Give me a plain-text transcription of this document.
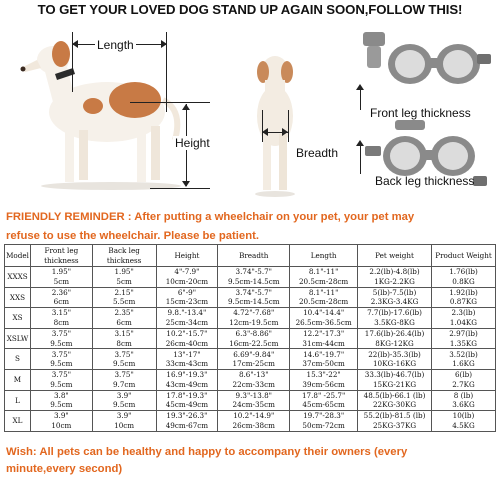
TO GET YOUR LOVED DOG STAND UP AGAIN SOON,FOLLOW THIS!
Length
Height
Breadth
Front leg thickness
Back leg thickness
FRIENDLY REMINDER : After putting a wheelchair on your pet, your pet may
refuse to use the wheelchair. Please be patient.
Model	Front leg
thickness	Back leg
thickness	Height	Breadth	Length	Pet weight	Product Weight

XXXS	1.95"
5cm	1.95"
5cm	4"-7.9"
10cm-20cm	3.74"-5.7"
9.5cm-14.5cm	8.1"-11"
20.5cm-28cm	2.2(lb)-4.8(lb)
1KG-2.2KG	1.76(lb)
0.8KG

XXS	2.36"
6cm	2.15"
5.5cm	6"-9"
15cm-23cm	3.74"-5.7"
9.5cm-14.5cm	8.1"-11"
20.5cm-28cm	5(lb)-7.5(lb)
2.3KG-3.4KG	1.92(lb)
0.87KG

XS	3.15"
8cm	2.35"
6cm	9.8."-13.4"
25cm-34cm	4.72"-7.68"
12cm-19.5cm	10.4"-14.4"
26.5cm-36.5cm	7.7(lb)-17.6(lb)
3.5KG-8KG	2.3(lb)
1.04KG

XSLW	3.75"
9.5cm	3.15"
8cm	10.2"-15.7"
26cm-40cm	6.3"-8.86"
16cm-22.5cm	12.2"-17.3"
31cm-44cm	17.6(lb)-26.4(lb)
8KG-12KG	2.97(lb)
1.35KG

S	3.75"
9.5cm	3.75"
9.5cm	13"-17"
33cm-43cm	6.69"-9.84"
17cm-25cm	14.6"-19.7"
37cm-50cm	22(lb)-35.3(lb)
10KG-16KG	3.52(lb)
1.6KG

M	3.75"
9.5cm	3.75"
9.7cm	16.9"-19.3"
43cm-49cm	8.6"-13"
22cm-33cm	15.3"-22"
39cm-56cm	33.3(lb)-46.7(lb)
15KG-21KG	6(lb)
2.7KG

L	3.8"
9.5cm	3.9"
9.5cm	17.8"-19.3"
45cm-49cm	9.3"-13.8"
24cm-35cm	17.8" -25.7"
45cm-65cm	48.5(lb)-66.1 (lb)
22KG-30KG	8 (lb)
3.6KG

XL	3.9"
10cm	3.9"
10cm	19.3"-26.3"
49cm-67cm	10.2"-14.9"
26cm-38cm	19.7"-28.3"
50cm-72cm	55.2(lb)-81.5 (lb)
25KG-37KG	10(lb)
4.5KG
Wish: All pets can be healthy and happy to accompany their owners (every
minute,every second)
